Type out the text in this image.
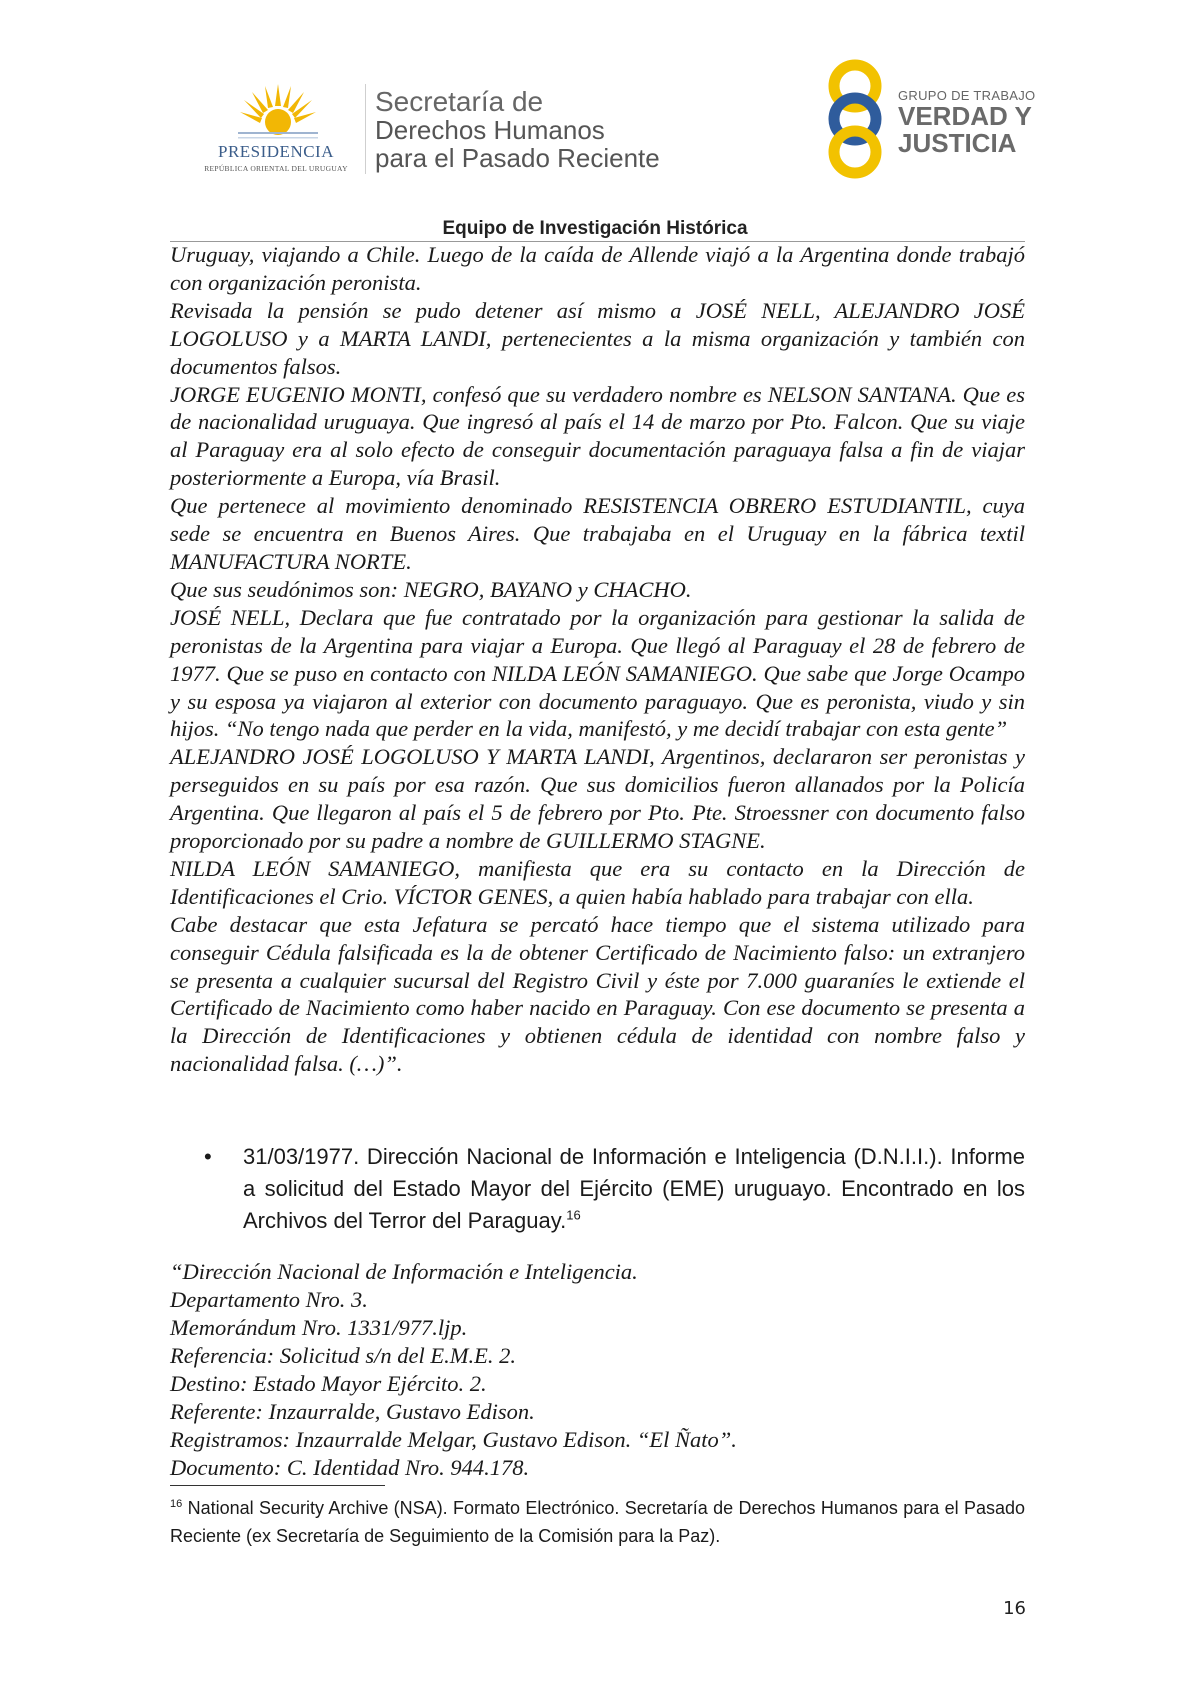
PRESIDENCIA
REPÚBLICA ORIENTAL DEL URUGUAY
Secretaría de
Derechos Humanos
para el Pasado Reciente
GRUPO DE TRABAJO
VERDAD Y
JUSTICIA
Equipo de Investigación Histórica

Uruguay, viajando a Chile. Luego de la caída de Allende viajó a la Argentina donde trabajó con organización peronista.

Revisada la pensión se pudo detener así mismo a JOSÉ NELL, ALEJANDRO JOSÉ LOGOLUSO y a MARTA LANDI, pertenecientes a la misma organización y también con documentos falsos.

JORGE EUGENIO MONTI, confesó que su verdadero nombre es NELSON SANTANA. Que es de nacionalidad uruguaya. Que ingresó al país el 14 de marzo por Pto. Falcon. Que su viaje al Paraguay era al solo efecto de conseguir documentación paraguaya falsa a fin de viajar posteriormente a Europa, vía Brasil.

Que pertenece al movimiento denominado RESISTENCIA OBRERO ESTUDIANTIL, cuya sede se encuentra en Buenos Aires. Que trabajaba en el Uruguay en la fábrica textil MANUFACTURA NORTE.

Que sus seudónimos son: NEGRO, BAYANO y CHACHO.

JOSÉ NELL, Declara que fue contratado por la organización para gestionar la salida de peronistas de la Argentina para viajar a Europa. Que llegó al Paraguay el 28 de febrero de 1977. Que se puso en contacto con NILDA LEÓN SAMANIEGO. Que sabe que Jorge Ocampo y su esposa ya viajaron al exterior con documento paraguayo. Que es peronista, viudo y sin hijos. “No tengo nada que perder en la vida, manifestó, y me decidí trabajar con esta gente”

ALEJANDRO JOSÉ LOGOLUSO Y MARTA LANDI, Argentinos, declararon ser peronistas y perseguidos en su país por esa razón. Que sus domicilios fueron allanados por la Policía Argentina. Que llegaron al país el 5 de febrero por Pto. Pte. Stroessner con documento falso proporcionado por su padre a nombre de GUILLERMO STAGNE.

NILDA LEÓN SAMANIEGO, manifiesta que era su contacto en la Dirección de Identificaciones el Crio. VÍCTOR GENES, a quien había hablado para trabajar con ella.

Cabe destacar que esta Jefatura se percató hace tiempo que el sistema utilizado para conseguir Cédula falsificada es la de obtener Certificado de Nacimiento falso: un extranjero se presenta a cualquier sucursal del Registro Civil y éste por 7.000 guaraníes le extiende el Certificado de Nacimiento como haber nacido en Paraguay. Con ese documento se presenta a la Dirección de Identificaciones y obtienen cédula de identidad con nombre falso y nacionalidad falsa. (…)”.

• 31/03/1977. Dirección Nacional de Información e Inteligencia (D.N.I.I.). Informe a solicitud del Estado Mayor del Ejército (EME) uruguayo. Encontrado en los Archivos del Terror del Paraguay.$^{16}$

“Dirección Nacional de Información e Inteligencia.

Departamento Nro. 3.

Memorándum Nro. 1331/977.ljp.

Referencia: Solicitud s/n del E.M.E. 2.

Destino: Estado Mayor Ejército. 2.

Referente: Inzaurralde, Gustavo Edison.

Registramos: Inzaurralde Melgar, Gustavo Edison. “El Ñato”.

Documento: C. Identidad Nro. 944.178.

$^{16}$ National Security Archive (NSA). Formato Electrónico. Secretaría de Derechos Humanos para el Pasado Reciente (ex Secretaría de Seguimiento de la Comisión para la Paz).
16
